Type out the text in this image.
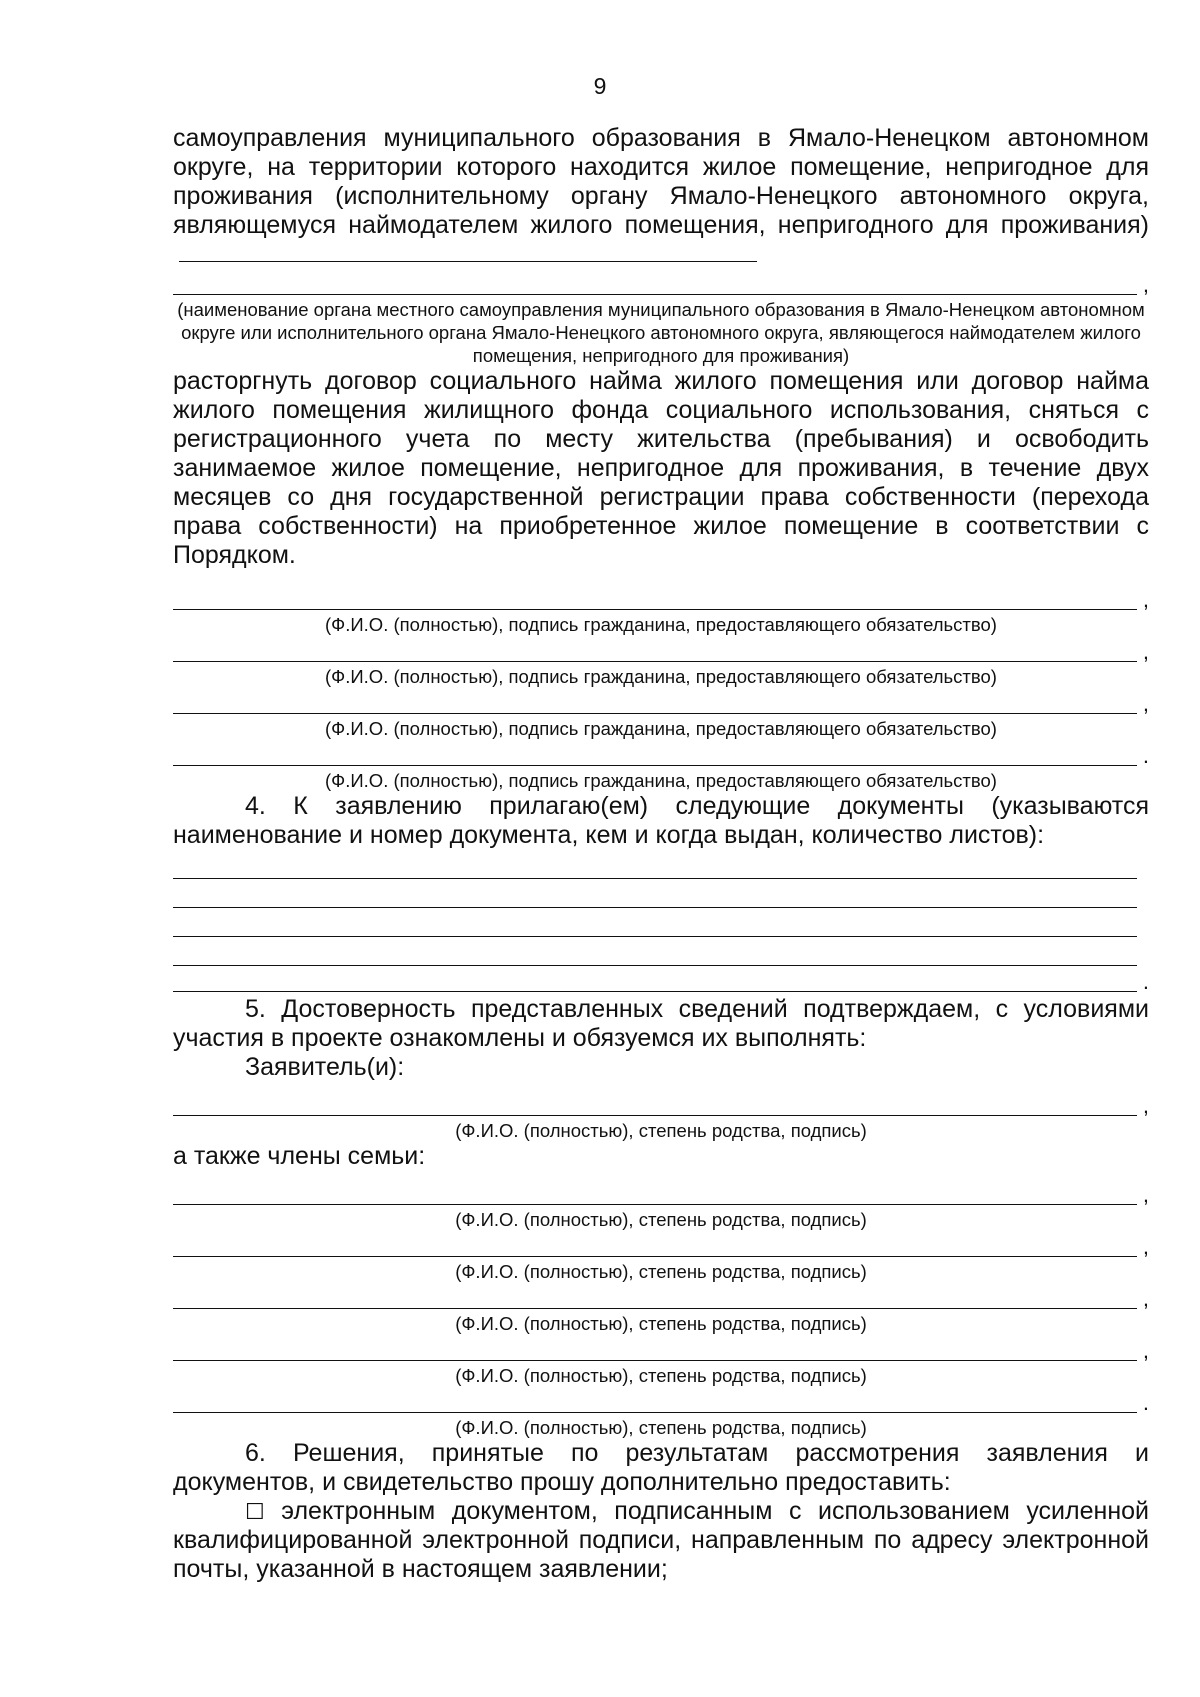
9

самоуправления муниципального образования в Ямало-Ненецком автономном округе, на территории которого находится жилое помещение, непригодное для проживания (исполнительному органу Ямало-Ненецкого автономного округа, являющемуся наймодателем жилого помещения, непригодного для проживания)

,

(наименование органа местного самоуправления муниципального образования в Ямало-Ненецком автономном округе или исполнительного органа Ямало-Ненецкого автономного округа, являющегося наймодателем жилого помещения, непригодного для проживания)

расторгнуть договор социального найма жилого помещения или договор найма жилого помещения жилищного фонда социального использования, сняться с регистрационного учета по месту жительства (пребывания) и освободить занимаемое жилое помещение, непригодное для проживания, в течение двух месяцев со дня государственной регистрации права собственности (перехода права собственности) на приобретенное жилое помещение в соответствии с Порядком.

,

(Ф.И.О. (полностью), подпись гражданина, предоставляющего обязательство)

,

(Ф.И.О. (полностью), подпись гражданина, предоставляющего обязательство)

,

(Ф.И.О. (полностью), подпись гражданина, предоставляющего обязательство)

.

(Ф.И.О. (полностью), подпись гражданина, предоставляющего обязательство)

4. К заявлению прилагаю(ем) следующие документы (указываются наименование и номер документа, кем и когда выдан, количество листов):

.

5. Достоверность представленных сведений подтверждаем, с условиями участия в проекте ознакомлены и обязуемся их выполнять:

Заявитель(и):

,

(Ф.И.О. (полностью), степень родства, подпись)

а также члены семьи:

,

(Ф.И.О. (полностью), степень родства, подпись)

,

(Ф.И.О. (полностью), степень родства, подпись)

,

(Ф.И.О. (полностью), степень родства, подпись)

,

(Ф.И.О. (полностью), степень родства, подпись)

.

(Ф.И.О. (полностью), степень родства, подпись)

6. Решения, принятые по результатам рассмотрения заявления и документов, и свидетельство прошу дополнительно предоставить:

☐ электронным документом, подписанным с использованием усиленной квалифицированной электронной подписи, направленным по адресу электронной почты, указанной в настоящем заявлении;
